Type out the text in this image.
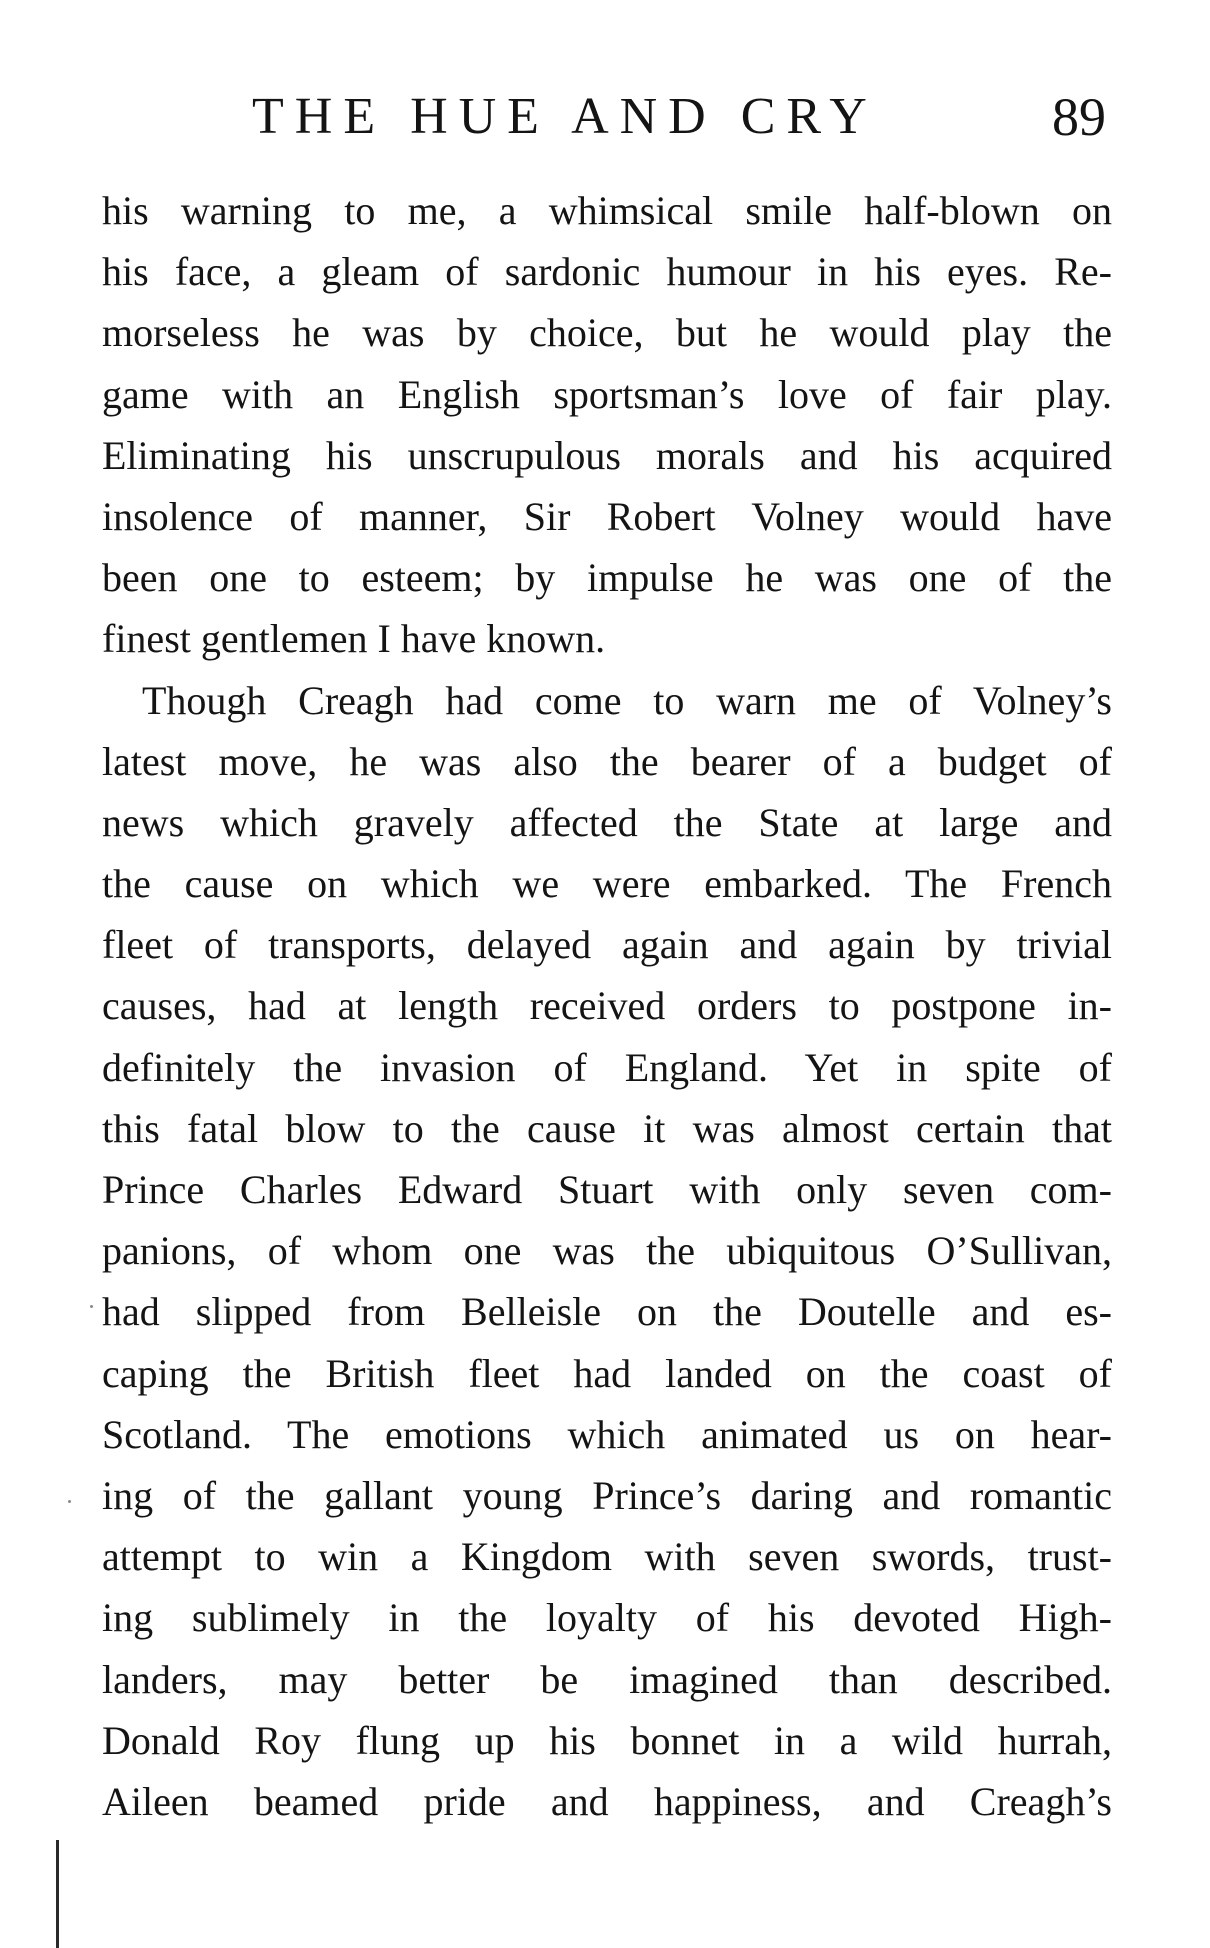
THE HUE AND CRY	89
his warning to me, a whimsical smile half-blown on
his face, a gleam of sardonic humour in his eyes. Re-
morseless he was by choice, but he would play the
game with an English sportsman’s love of fair play.
Eliminating his unscrupulous morals and his acquired
insolence of manner, Sir Robert Volney would have
been one to esteem; by impulse he was one of the
finest gentlemen I have known.
Though Creagh had come to warn me of Volney’s
latest move, he was also the bearer of a budget of
news which gravely affected the State at large and
the cause on which we were embarked. The French
fleet of transports, delayed again and again by trivial
causes, had at length received orders to postpone in-
definitely the invasion of England. Yet in spite of
this fatal blow to the cause it was almost certain that
Prince Charles Edward Stuart with only seven com-
panions, of whom one was the ubiquitous O’Sullivan,
had slipped from Belleisle on the Doutelle and es-
caping the British fleet had landed on the coast of
Scotland. The emotions which animated us on hear-
ing of the gallant young Prince’s daring and romantic
attempt to win a Kingdom with seven swords, trust-
ing sublimely in the loyalty of his devoted High-
landers, may better be imagined than described.
Donald Roy flung up his bonnet in a wild hurrah,
Aileen beamed pride and happiness, and Creagh’s
